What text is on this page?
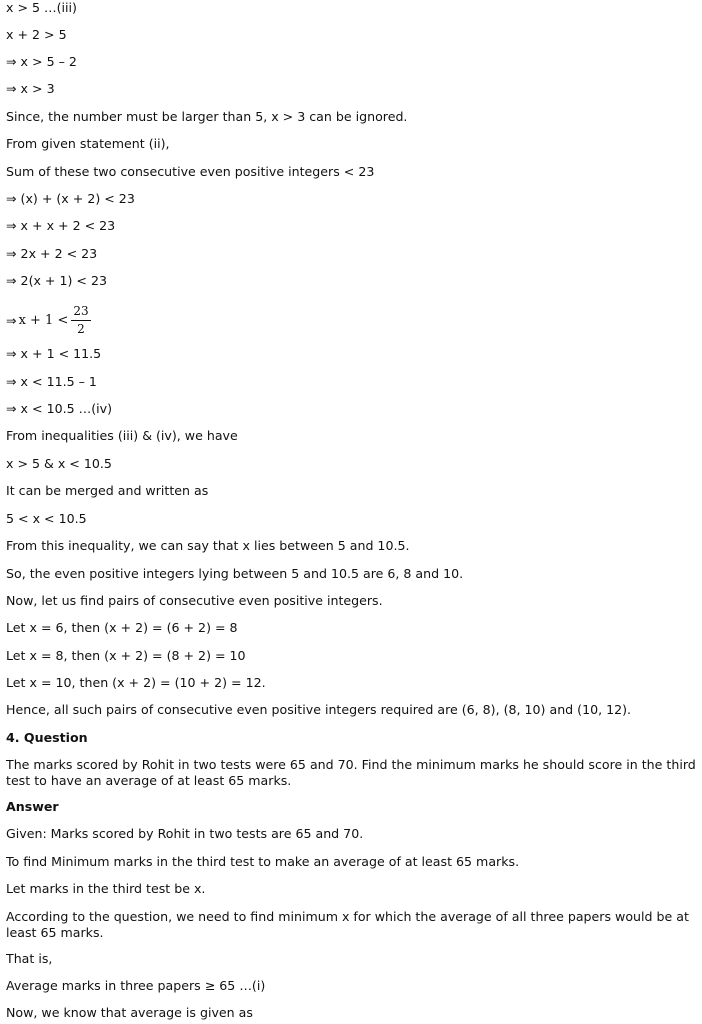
x > 5 …(iii)
x + 2 > 5
⇒ x > 5 – 2
⇒ x > 3
Since, the number must be larger than 5, x > 3 can be ignored.
From given statement (ii),
Sum of these two consecutive even positive integers < 23
⇒ (x) + (x + 2) < 23
⇒ x + x + 2 < 23
⇒ 2x + 2 < 23
⇒ 2(x + 1) < 23
⇒ $x + 1 < \frac{23}{2}$
⇒ x + 1 < 11.5
⇒ x < 11.5 – 1
⇒ x < 10.5 …(iv)
From inequalities (iii) & (iv), we have
x > 5 & x < 10.5
It can be merged and written as
5 < x < 10.5
From this inequality, we can say that x lies between 5 and 10.5.
So, the even positive integers lying between 5 and 10.5 are 6, 8 and 10.
Now, let us find pairs of consecutive even positive integers.
Let x = 6, then (x + 2) = (6 + 2) = 8
Let x = 8, then (x + 2) = (8 + 2) = 10
Let x = 10, then (x + 2) = (10 + 2) = 12.
Hence, all such pairs of consecutive even positive integers required are (6, 8), (8, 10) and (10, 12).
4. Question
The marks scored by Rohit in two tests were 65 and 70. Find the minimum marks he should score in the third test to have an average of at least 65 marks.
Answer
Given: Marks scored by Rohit in two tests are 65 and 70.
To find Minimum marks in the third test to make an average of at least 65 marks.
Let marks in the third test be x.
According to the question, we need to find minimum x for which the average of all three papers would be at least 65 marks.
That is,
Average marks in three papers ≥ 65 …(i)
Now, we know that average is given as
